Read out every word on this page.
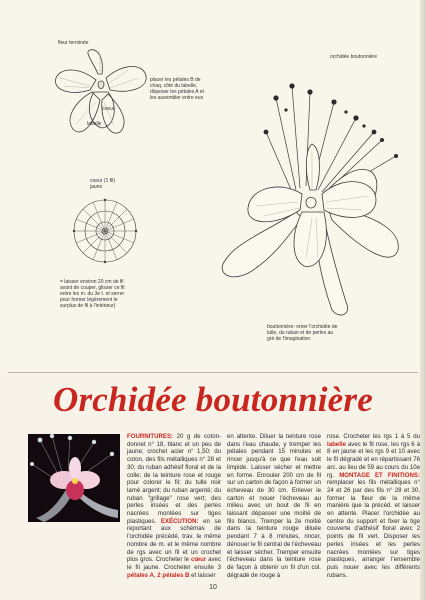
fleur terminée
placer les pétales B de chaq. côté du labelle, disposer les pétales A et les assembler entre eux
coeur
labelle
coeur (1 fil) jaune
= laisser environ 20 cm de fil avant de couper, glisser ce fil entre les m. du 3e t. et serrer pour former légèrement le surplus de fil à l'intérieur)
orchidée boutonnière
boutonnière: orner l'orchidée de tulle, du ruban et de perles au gré de l'imagination
Orchidée boutonnière
FOURNITURES: 20 g de coton-donnet n° 18, blanc et un peu de jaune; crochet acier n° 1,50; du coton, des fils métalliques n° 28 et 30; du ruban adhésif floral et de la colle; de la teinture rose et rouge pour colorer le fil; du tulle noir lamé argent; du ruban argenté; du ruban "grillage" rose vert; des perles irisées et des perles nacrées montées sur tiges plastiques. EXÉCUTION: en se reportant aux schémas de l'orchidée précédé, trav. le même nombre de m. et le même nombre de rgs avec un fil et un crochet plus gros. Crocheter le cœur avec le fil jaune. Crocheter ensuite 3 pétales A, 2 pétales B et laisser
en attente. Diluer la teinture rose dans l'eau chaude, y tremper les pétales pendant 15 minutes et rincer jusqu'à ce que l'eau soit limpide. Laisser sécher et mettre en forme. Enrouler 200 cm de fil sur un carton de façon à former un écheveau de 30 cm. Enlever le carton et nouer l'écheveau au milieu avec un bout de fil en laissant dépasser une moitié de fils blancs. Tremper la 2e moitié dans la teinture rouge diluée pendant 7 à 8 minutes, rincer, dénouer le fil central de l'écheveau et laisser sécher. Tremper ensuite l'écheveau dans la teinture rose de façon à obtenir un fil d'un col. dégradé de rouge à
rose. Crocheter les rgs 1 à 5 du labelle avec le fil rose, les rgs 6 à 8 en jaune et les rgs 9 et 10 avec le fil dégradé et en répartissant 76 arc. au lieu de 59 au cours du 10e rg. MONTAGE ET FINITIONS: remplacer les fils métalliques n° 24 et 26 par des fils n° 28 et 30, former la fleur de la même manière que la précéd. et laisser en attente. Placer l'orchidée au centre du support et fixer la tige couverte d'adhésif floral avec 2 points de fil vert. Disposer les perles irisées et les perles nacrées montées sur tiges plastiques, arranger l'ensemble puis nouer avec les différents rubans.
10
